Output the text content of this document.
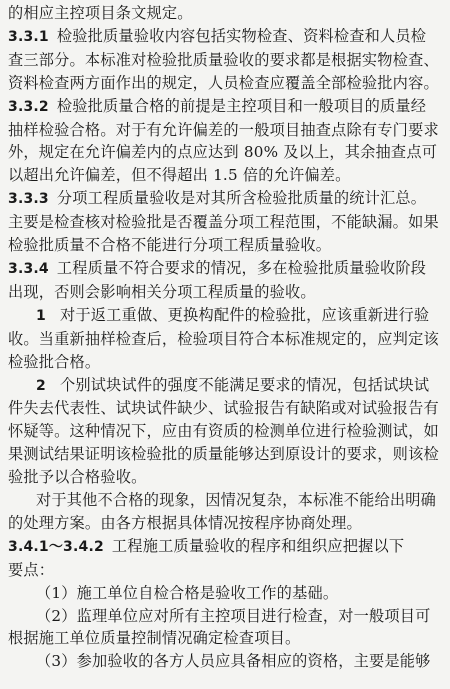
的相应主控项目条文规定。
3.3.1 检验批质量验收内容包括实物检查、资料检查和人员检
查三部分。本标准对检验批质量验收的要求都是根据实物检查、
资料检查两方面作出的规定，人员检查应覆盖全部检验批内容。
3.3.2 检验批质量合格的前提是主控项目和一般项目的质量经
抽样检验合格。对于有允许偏差的一般项目抽查点除有专门要求
外，规定在允许偏差内的点应达到 80% 及以上，其余抽查点可
以超出允许偏差，但不得超出 1.5 倍的允许偏差。
3.3.3 分项工程质量验收是对其所含检验批质量的统计汇总。
主要是检查核对检验批是否覆盖分项工程范围，不能缺漏。如果
检验批质量不合格不能进行分项工程质量验收。
3.3.4 工程质量不符合要求的情况，多在检验批质量验收阶段
出现，否则会影响相关分项工程质量的验收。
1 对于返工重做、更换构配件的检验批，应该重新进行验
收。当重新抽样检查后，检验项目符合本标准规定的，应判定该
检验批合格。
2 个别试块试件的强度不能满足要求的情况，包括试块试
件失去代表性、试块试件缺少、试验报告有缺陷或对试验报告有
怀疑等。这种情况下，应由有资质的检测单位进行检验测试，如
果测试结果证明该检验批的质量能够达到原设计的要求，则该检
验批予以合格验收。
对于其他不合格的现象，因情况复杂，本标准不能给出明确
的处理方案。由各方根据具体情况按程序协商处理。
3.4.1～3.4.2 工程施工质量验收的程序和组织应把握以下
要点：
（1）施工单位自检合格是验收工作的基础。
（2）监理单位应对所有主控项目进行检查，对一般项目可
根据施工单位质量控制情况确定检查项目。
（3）参加验收的各方人员应具备相应的资格，主要是能够
